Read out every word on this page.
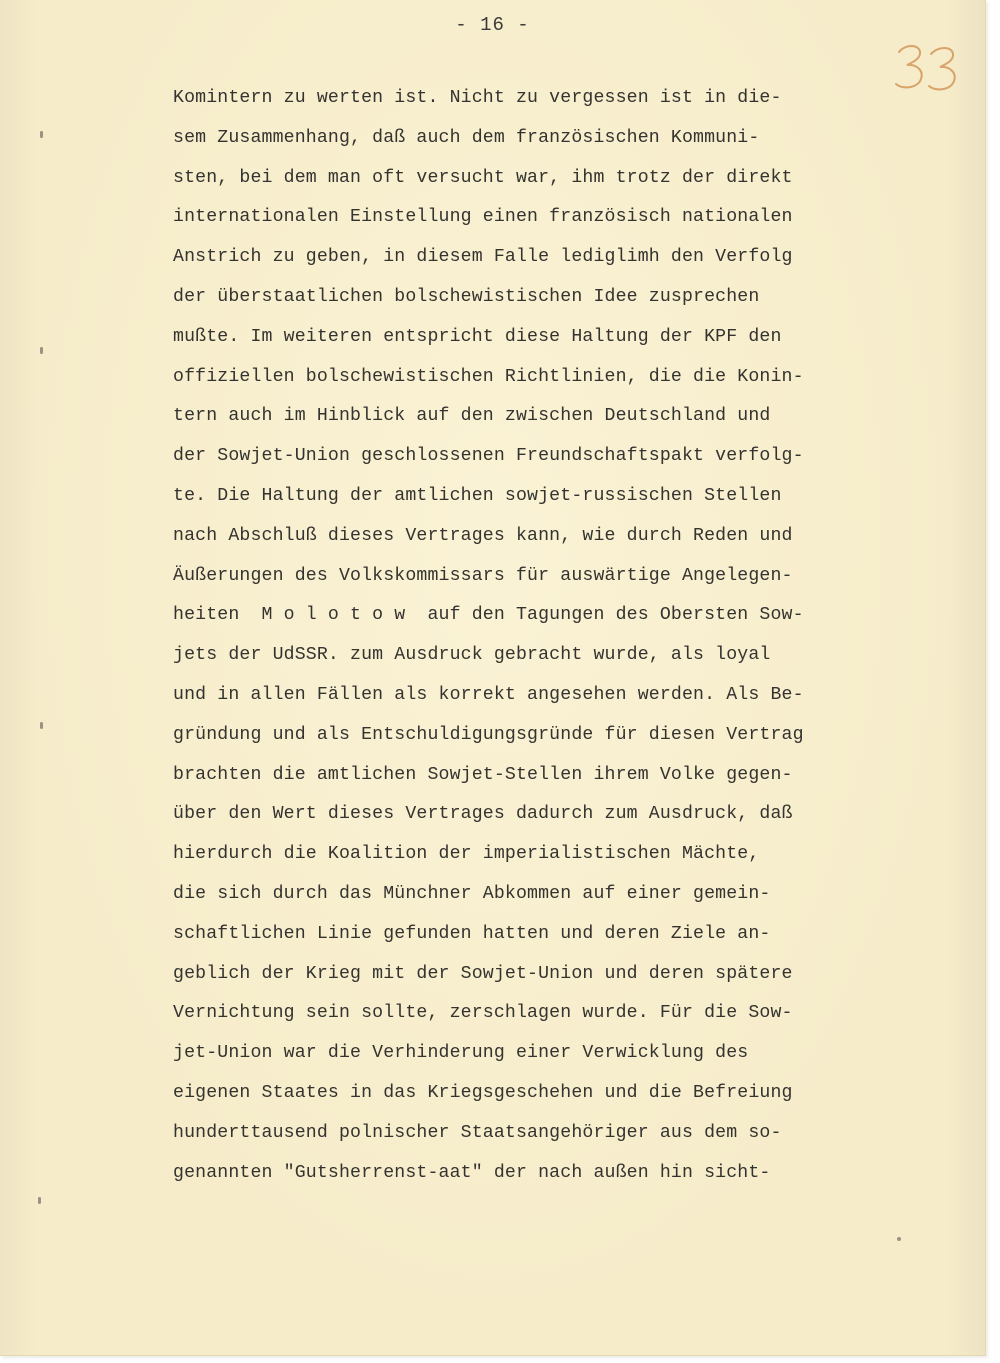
- 16 -
Komintern zu werten ist. Nicht zu vergessen ist in die-
sem Zusammenhang, daß auch dem französischen Kommuni-
sten, bei dem man oft versucht war, ihm trotz der direkt
internationalen Einstellung einen französisch nationalen
Anstrich zu geben, in diesem Falle lediglimh den Verfolg
der überstaatlichen bolschewistischen Idee zusprechen
mußte. Im weiteren entspricht diese Haltung der KPF den
offiziellen bolschewistischen Richtlinien, die die Konin-
tern auch im Hinblick auf den zwischen Deutschland und
der Sowjet-Union geschlossenen Freundschaftspakt verfolg-
te. Die Haltung der amtlichen sowjet-russischen Stellen
nach Abschluß dieses Vertrages kann, wie durch Reden und
Äußerungen des Volkskommissars für auswärtige Angelegen-
heiten  M o l o t o w  auf den Tagungen des Obersten Sow-
jets der UdSSR. zum Ausdruck gebracht wurde, als loyal
und in allen Fällen als korrekt angesehen werden. Als Be-
gründung und als Entschuldigungsgründe für diesen Vertrag
brachten die amtlichen Sowjet-Stellen ihrem Volke gegen-
über den Wert dieses Vertrages dadurch zum Ausdruck, daß
hierdurch die Koalition der imperialistischen Mächte,
die sich durch das Münchner Abkommen auf einer gemein-
schaftlichen Linie gefunden hatten und deren Ziele an-
geblich der Krieg mit der Sowjet-Union und deren spätere
Vernichtung sein sollte, zerschlagen wurde. Für die Sow-
jet-Union war die Verhinderung einer Verwicklung des
eigenen Staates in das Kriegsgeschehen und die Befreiung
hunderttausend polnischer Staatsangehöriger aus dem so-
genannten "Gutsherrenst-aat" der nach außen hin sicht-
